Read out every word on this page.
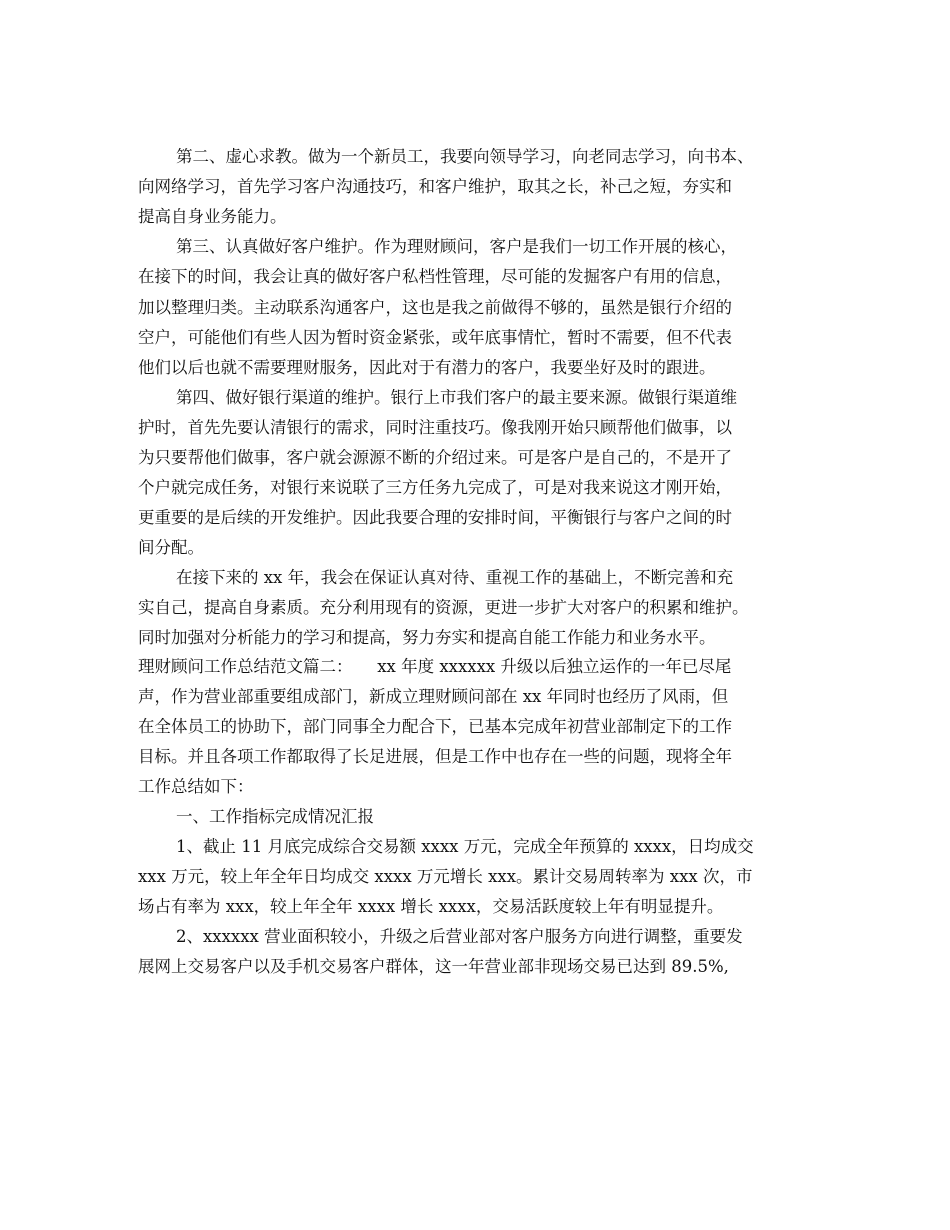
第二、虚心求教。做为一个新员工，我要向领导学习，向老同志学习，向书本、

向网络学习，首先学习客户沟通技巧，和客户维护，取其之长，补己之短，夯实和

提高自身业务能力。

第三、认真做好客户维护。作为理财顾问，客户是我们一切工作开展的核心，

在接下的时间，我会让真的做好客户私档性管理，尽可能的发掘客户有用的信息，

加以整理归类。主动联系沟通客户，这也是我之前做得不够的，虽然是银行介绍的

空户，可能他们有些人因为暂时资金紧张，或年底事情忙，暂时不需要，但不代表

他们以后也就不需要理财服务，因此对于有潜力的客户，我要坐好及时的跟进。

第四、做好银行渠道的维护。银行上市我们客户的最主要来源。做银行渠道维

护时，首先先要认清银行的需求，同时注重技巧。像我刚开始只顾帮他们做事，以

为只要帮他们做事，客户就会源源不断的介绍过来。可是客户是自己的，不是开了

个户就完成任务，对银行来说联了三方任务九完成了，可是对我来说这才刚开始，

更重要的是后续的开发维护。因此我要合理的安排时间，平衡银行与客户之间的时

间分配。

在接下来的 xx 年，我会在保证认真对待、重视工作的基础上，不断完善和充

实自己，提高自身素质。充分利用现有的资源，更进一步扩大对客户的积累和维护。

同时加强对分析能力的学习和提高，努力夯实和提高自能工作能力和业务水平。

理财顾问工作总结范文篇二：　　xx 年度 xxxxxx 升级以后独立运作的一年已尽尾

声，作为营业部重要组成部门，新成立理财顾问部在 xx 年同时也经历了风雨，但

在全体员工的协助下，部门同事全力配合下，已基本完成年初营业部制定下的工作

目标。并且各项工作都取得了长足进展，但是工作中也存在一些的问题，现将全年

工作总结如下：

一、工作指标完成情况汇报

1、截止 11 月底完成综合交易额 xxxx 万元，完成全年预算的 xxxx，日均成交

xxx 万元，较上年全年日均成交 xxxx 万元增长 xxx。累计交易周转率为 xxx 次，市

场占有率为 xxx，较上年全年 xxxx 增长 xxxx，交易活跃度较上年有明显提升。

2、xxxxxx 营业面积较小，升级之后营业部对客户服务方向进行调整，重要发

展网上交易客户以及手机交易客户群体，这一年营业部非现场交易已达到 89.5%,
